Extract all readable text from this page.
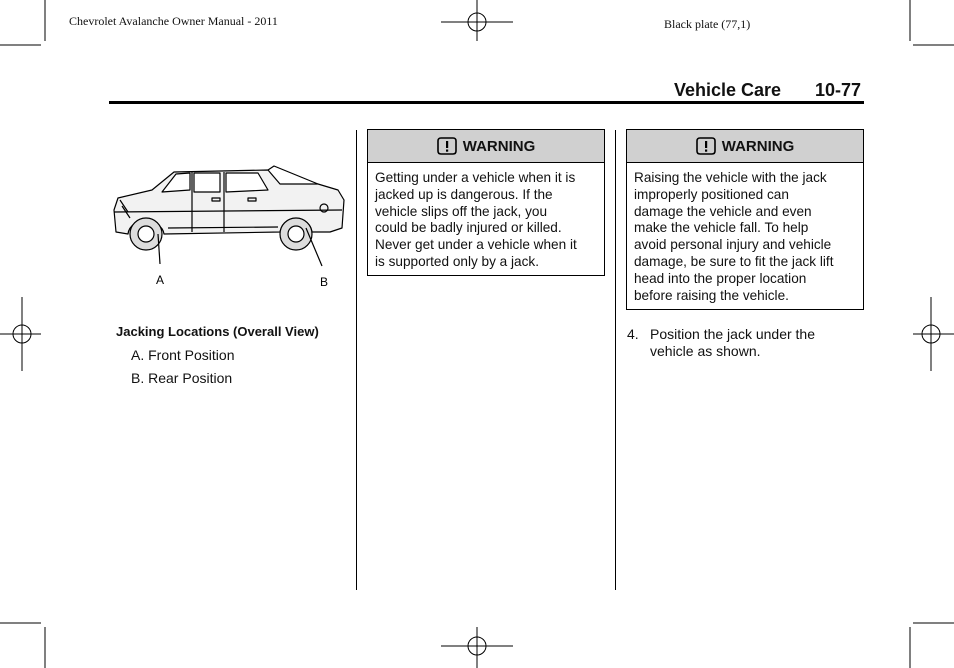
Chevrolet Avalanche Owner Manual - 2011	Black plate (77,1)
Vehicle Care 10-77
A	B
Jacking Locations (Overall View)
A. Front Position
B. Rear Position
WARNING
Getting under a vehicle when it is
jacked up is dangerous. If the
vehicle slips off the jack, you
could be badly injured or killed.
Never get under a vehicle when it
is supported only by a jack.
WARNING
Raising the vehicle with the jack
improperly positioned can
damage the vehicle and even
make the vehicle fall. To help
avoid personal injury and vehicle
damage, be sure to fit the jack lift
head into the proper location
before raising the vehicle.
4. Position the jack under the
vehicle as shown.
